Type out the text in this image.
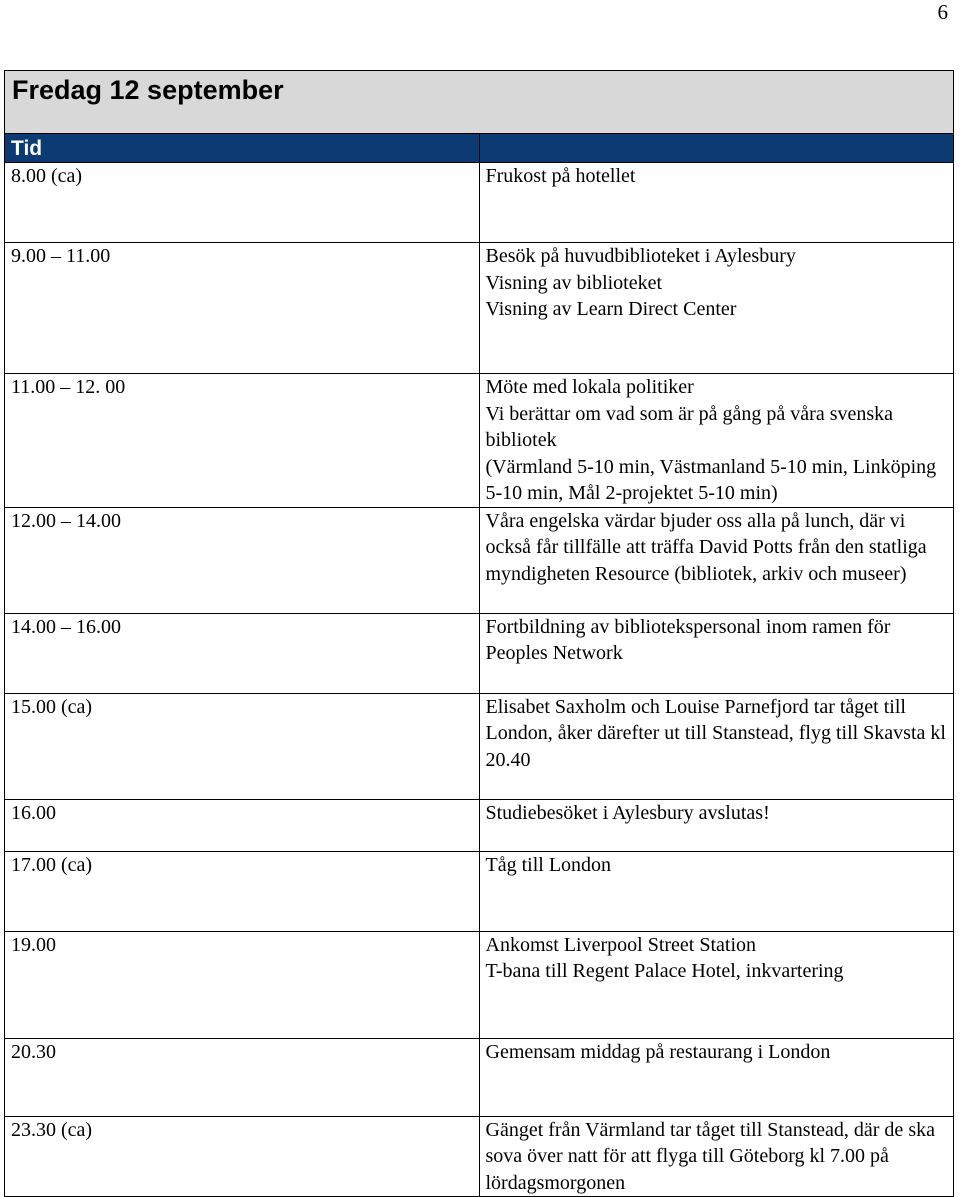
6
Fredag 12 september	
Tid	
8.00 (ca)	Frukost på hotellet

9.00 – 11.00	Besök på huvudbiblioteket i Aylesbury
Visning av biblioteket
Visning av Learn Direct Center

11.00 – 12. 00	Möte med lokala politiker
Vi berättar om vad som är på gång på våra svenska bibliotek
(Värmland 5-10 min, Västmanland 5-10 min, Linköping 5-10 min, Mål 2-projektet 5-10 min)

12.00 – 14.00	Våra engelska värdar bjuder oss alla på lunch, där vi också får tillfälle att träffa David Potts från den statliga myndigheten Resource (bibliotek, arkiv och museer)

14.00 – 16.00	Fortbildning av bibliotekspersonal inom ramen för Peoples Network

15.00 (ca)	Elisabet Saxholm och Louise Parnefjord tar tåget till London, åker därefter ut till Stanstead, flyg till Skavsta kl 20.40

16.00	Studiebesöket i Aylesbury avslutas!

17.00 (ca)	Tåg till London

19.00	Ankomst Liverpool Street Station
T-bana till Regent Palace Hotel, inkvartering

20.30	Gemensam middag på restaurang i London

23.30 (ca)	Gänget från Värmland tar tåget till Stanstead, där de ska sova över natt för att flyga till Göteborg kl 7.00 på lördagsmorgonen
